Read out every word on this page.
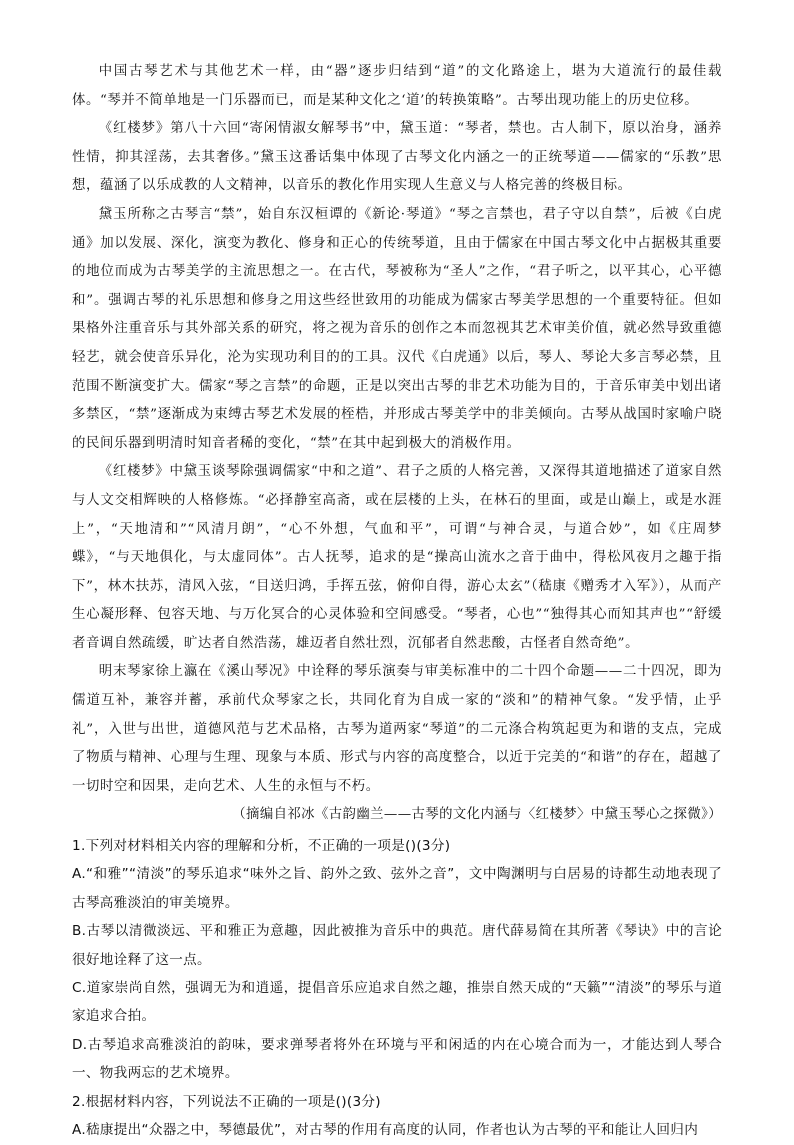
中国古琴艺术与其他艺术一样，由“器”逐步归结到“道”的文化路途上，堪为大道流行的最佳载体。“琴并不简单地是一门乐器而已，而是某种文化之‘道’的转换策略”。古琴出现功能上的历史位移。

《红楼梦》第八十六回“寄闲情淑女解琴书”中，黛玉道：“琴者，禁也。古人制下，原以治身，涵养性情，抑其淫荡，去其奢侈。”黛玉这番话集中体现了古琴文化内涵之一的正统琴道——儒家的“乐教”思想，蕴涵了以乐成教的人文精神，以音乐的教化作用实现人生意义与人格完善的终极目标。

黛玉所称之古琴言“禁”，始自东汉桓谭的《新论·琴道》“琴之言禁也，君子守以自禁”，后被《白虎通》加以发展、深化，演变为教化、修身和正心的传统琴道，且由于儒家在中国古琴文化中占据极其重要的地位而成为古琴美学的主流思想之一。在古代，琴被称为“圣人”之作，“君子听之，以平其心，心平德和”。强调古琴的礼乐思想和修身之用这些经世致用的功能成为儒家古琴美学思想的一个重要特征。但如果格外注重音乐与其外部关系的研究，将之视为音乐的创作之本而忽视其艺术审美价值，就必然导致重德轻艺，就会使音乐异化，沦为实现功利目的的工具。汉代《白虎通》以后，琴人、琴论大多言琴必禁，且范围不断演变扩大。儒家“琴之言禁”的命题，正是以突出古琴的非艺术功能为目的，于音乐审美中划出诸多禁区，“禁”逐渐成为束缚古琴艺术发展的桎梏，并形成古琴美学中的非美倾向。古琴从战国时家喻户晓的民间乐器到明清时知音者稀的变化，“禁”在其中起到极大的消极作用。

《红楼梦》中黛玉谈琴除强调儒家“中和之道”、君子之质的人格完善，又深得其道地描述了道家自然与人文交相辉映的人格修炼。“必择静室高斋，或在层楼的上头，在林石的里面，或是山巅上，或是水涯上”，“天地清和”“风清月朗”，“心不外想，气血和平”，可谓“与神合灵，与道合妙”，如《庄周梦蝶》，“与天地俱化，与太虚同体”。古人抚琴，追求的是“操高山流水之音于曲中，得松风夜月之趣于指下”，林木扶苏，清风入弦，“目送归鸿，手挥五弦，俯仰自得，游心太玄”（嵇康《赠秀才入军》），从而产生心凝形释、包容天地、与万化冥合的心灵体验和空间感受。“琴者，心也”“独得其心而知其声也”“舒缓者音调自然疏缓，旷达者自然浩荡，雄迈者自然壮烈，沉郁者自然悲酸，古怪者自然奇绝”。

明末琴家徐上瀛在《溪山琴况》中诠释的琴乐演奏与审美标准中的二十四个命题——二十四况，即为儒道互补，兼容并蓄，承前代众琴家之长，共同化育为自成一家的“淡和”的精神气象。“发乎情，止乎礼”，入世与出世，道德风范与艺术品格，古琴为道两家“琴道”的二元涤合构筑起更为和谐的支点，完成了物质与精神、心理与生理、现象与本质、形式与内容的高度整合，以近于完美的“和谐”的存在，超越了一切时空和因果，走向艺术、人生的永恒与不朽。

（摘编自祁冰《古韵幽兰——古琴的文化内涵与〈红楼梦〉中黛玉琴心之探微》）

1.下列对材料相关内容的理解和分析，不正确的一项是()(3分)

A.“和雅”“清淡”的琴乐追求“味外之旨、韵外之致、弦外之音”，文中陶渊明与白居易的诗都生动地表现了古琴高雅淡泊的审美境界。

B.古琴以清微淡远、平和雅正为意趣，因此被推为音乐中的典范。唐代薛易简在其所著《琴诀》中的言论很好地诠释了这一点。

C.道家崇尚自然，强调无为和逍遥，提倡音乐应追求自然之趣，推崇自然天成的“天籁”“清淡”的琴乐与道家追求合拍。

D.古琴追求高雅淡泊的韵味，要求弹琴者将外在环境与平和闲适的内在心境合而为一，才能达到人琴合一、物我两忘的艺术境界。

2.根据材料内容，下列说法不正确的一项是()(3分)

A.嵇康提出“众器之中，琴德最优”，对古琴的作用有高度的认同，作者也认为古琴的平和能让人回归内
